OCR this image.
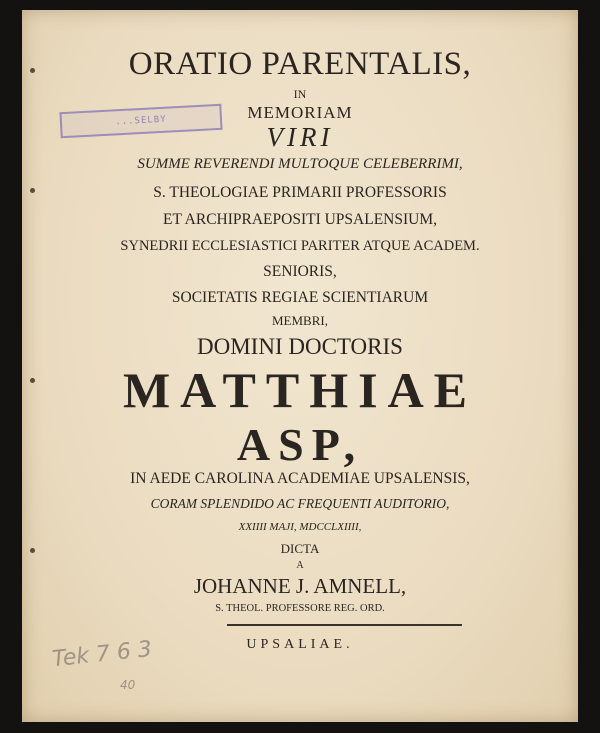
...SELBY
ORATIO PARENTALIS,
IN
MEMORIAM
VIRI
SUMME REVERENDI MULTOQUE CELEBERRIMI,
S. THEOLOGIAE PRIMARII PROFESSORIS
ET ARCHIPRAEPOSITI UPSALENSIUM,
SYNEDRII ECCLESIASTICI PARITER ATQUE ACADEM.
SENIORIS,
SOCIETATIS REGIAE SCIENTIARUM
MEMBRI,
DOMINI DOCTORIS
MATTHIAE
ASP,
IN AEDE CAROLINA ACADEMIAE UPSALENSIS,
CORAM SPLENDIDO AC FREQUENTI AUDITORIO,
XXIIII MAJI, MDCCLXIIII,
DICTA
A
JOHANNE J. AMNELL,
S. THEOL. PROFESSORE REG. ORD.
UPSALIAE.
Tek 7 6 3
40
